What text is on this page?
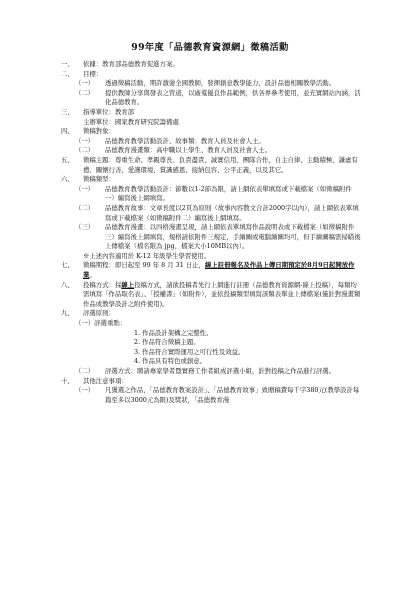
99年度「品德教育資源網」徵稿活動
一、	依據：教育部品德教育促進方案。
二、	目標：
（一）	透過徵稿活動，期許激盪全國教師，發揮創意教學能力，設計品德相關教學活動。
（二）	提供教師分享與發表之管道，以廣蒐優良作品範例，供各界參考使用，並充實網站內涵，活化品德教育。
三、	指導單位：教育部
主辦單位：國家教育研究院籌備處
四、	徵稿對象：
（一）	品德教育教學活動設計、故事類：教育人員及社會人士。
（二）	品德教育漫畫類：高中職以上學生、教育人員及社會人士。
五、	徵稿主題：尊重生命、孝親尊長、負責盡責、誠實信用、團隊合作、自主自律、主動積極、謙虛有禮、關懷行善、愛護環境、賞識感恩、接納包容、公平正義，以及其它。
六、	徵稿類型：
（一）	品德教育教學活動設計：節數以1-2節為限，請上網依表單填寫或下載檔案（如徵稿附件一）編寫後上網填寫。
（二）	品德教育故事：文章長度以2頁為原則（故事內容散文合計2000字以內），請上網依表單填寫或下載檔案（如徵稿附件二）編寫後上網填寫。
（三）	品德教育漫畫：以四格漫畫呈現，請上網依表單填寫作品說明表或下載檔案（如徵稿附件三）編寫後上網填寫，規格請依附件三規定，手繪圖或電腦繪圖均可，但手繪圖稿需掃瞄後上傳檔案（檔名限為 jpg，檔案大小10MB以內）。
※上述內容適用於 K-12 年級學生學習使用。
七、	徵稿期程：即日起至 99 年 8 月 31 日止，線上註冊報名及作品上傳日期預定於8月9日起開放作業。
八、	投稿方式：採線上投稿方式，請欲投稿者先行上網進行註冊（品德教育資源網-線上投稿），每類均需填寫「作品取名表」、「授權書」（如附件），並依投稿類型填寫該類表單並上傳檔案(僅針對漫畫類作品或教學設計之附件使用)。
九、	評選原則：
（一）評選重點：
1. 作品設計架構之完整性。
2. 作品符合徵稿主題。
3. 作品符合實際運用之可行性及效益。
4. 作品具有特色或創意。
（二）	評選方式：聘請專家學者暨實務工作者組成評選小組，針對投稿之作品進行評選。
十、	其他注意事項：
（一）	凡獲選之作品，「品德教育教案設計」、「品德教育故事」致贈稿費每千字380元(教學設計每篇至多以3000元為限)及獎狀，「品德教育漫
